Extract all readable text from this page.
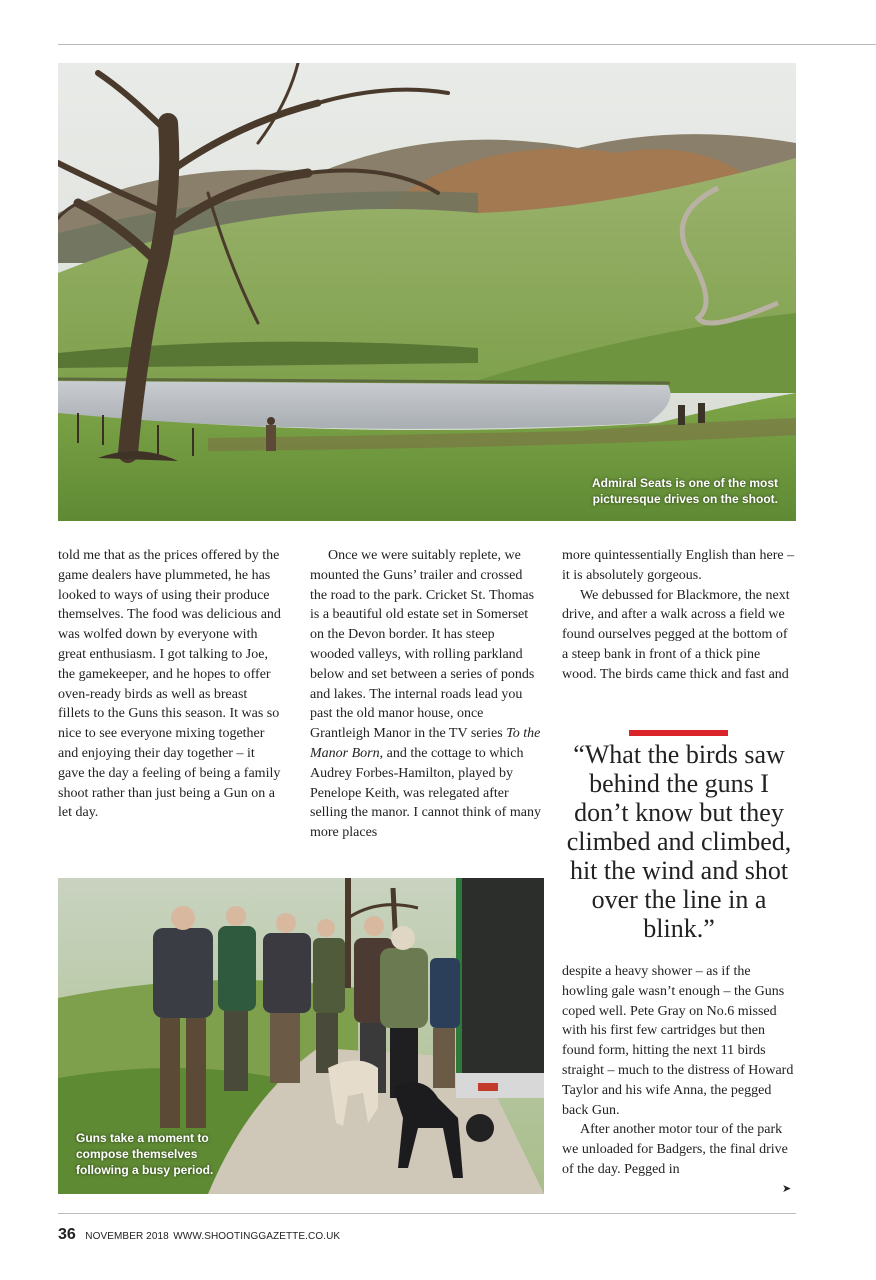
Admiral Seats is one of the most
picturesque drives on the shoot.

told me that as the prices offered by the game dealers have plummeted, he has looked to ways of using their produce themselves. The food was delicious and was wolfed down by everyone with great enthusiasm. I got talking to Joe, the gamekeeper, and he hopes to offer oven-ready birds as well as breast fillets to the Guns this season. It was so nice to see everyone mixing together and enjoying their day together – it gave the day a feeling of being a family shoot rather than just being a Gun on a let day.

Once we were suitably replete, we mounted the Guns’ trailer and crossed the road to the park. Cricket St. Thomas is a beautiful old estate set in Somerset on the Devon border. It has steep wooded valleys, with rolling parkland below and set between a series of ponds and lakes. The internal roads lead you past the old manor house, once Grantleigh Manor in the TV series To the Manor Born, and the cottage to which Audrey Forbes-Hamilton, played by Penelope Keith, was relegated after selling the manor. I cannot think of many more places

more quintessentially English than here – it is absolutely gorgeous.

We debussed for Blackmore, the next drive, and after a walk across a field we found ourselves pegged at the bottom of a steep bank in front of a thick pine wood. The birds came thick and fast and

“What the birds saw behind the guns I don’t know but they climbed and climbed, hit the wind and shot over the line in a blink.”
Guns take a moment to
compose themselves
following a busy period.

despite a heavy shower – as if the howling gale wasn’t enough – the Guns coped well. Pete Gray on No.6 missed with his first few cartridges but then found form, hitting the next 11 birds straight – much to the distress of Howard Taylor and his wife Anna, the pegged back Gun.

After another motor tour of the park we unloaded for Badgers, the final drive of the day. Pegged in

➤
36 NOVEMBER 2018 WWW.SHOOTINGGAZETTE.CO.UK
